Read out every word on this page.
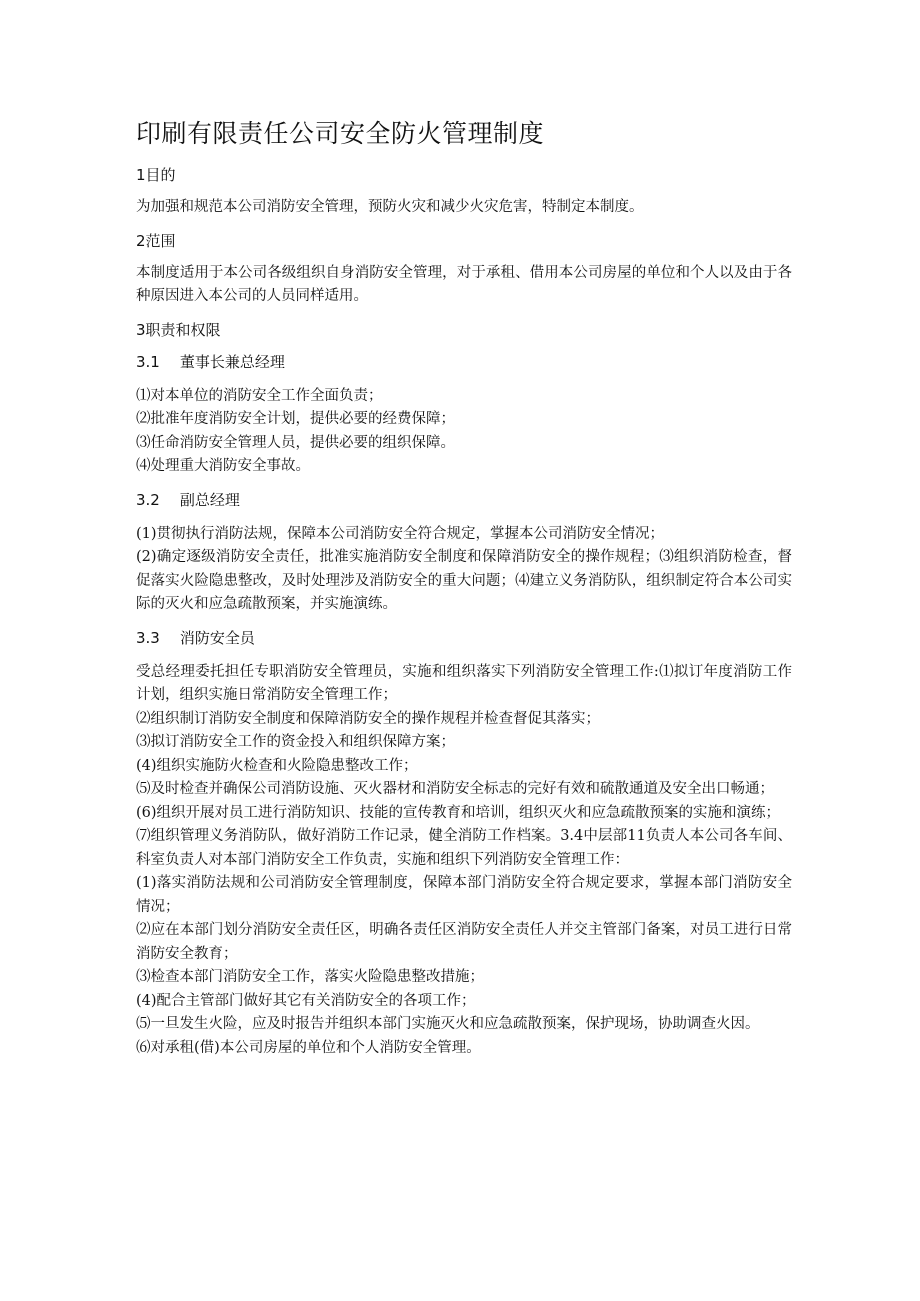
印刷有限责任公司安全防火管理制度

1目的

为加强和规范本公司消防安全管理，预防火灾和减少火灾危害，特制定本制度。

2范围

本制度适用于本公司各级组织自身消防安全管理，对于承租、借用本公司房屋的单位和个人以及由于各种原因进入本公司的人员同样适用。

3职责和权限

3.1 董事长兼总经理

⑴对本单位的消防安全工作全面负责；

⑵批准年度消防安全计划，提供必要的经费保障；

⑶任命消防安全管理人员，提供必要的组织保障。

⑷处理重大消防安全事故。

3.2 副总经理

(1)贯彻执行消防法规，保障本公司消防安全符合规定，掌握本公司消防安全情况；

(2)确定逐级消防安全责任，批准实施消防安全制度和保障消防安全的操作规程；⑶组织消防检查，督促落实火险隐患整改，及时处理涉及消防安全的重大问题；⑷建立义务消防队，组织制定符合本公司实际的灭火和应急疏散预案，并实施演练。

3.3 消防安全员

受总经理委托担任专职消防安全管理员，实施和组织落实下列消防安全管理工作:⑴拟订年度消防工作计划，组织实施日常消防安全管理工作；

⑵组织制订消防安全制度和保障消防安全的操作规程并检查督促其落实；

⑶拟订消防安全工作的资金投入和组织保障方案；

(4)组织实施防火检查和火险隐患整改工作；

⑸及时检查并确保公司消防设施、灭火器材和消防安全标志的完好有效和硫散通道及安全出口畅通；

(6)组织开展对员工进行消防知识、技能的宣传教育和培训，组织灭火和应急疏散预案的实施和演练；

⑺组织管理义务消防队，做好消防工作记录，健全消防工作档案。3.4中层部11负责人本公司各车间、科室负责人对本部门消防安全工作负责，实施和组织下列消防安全管理工作：

(1)落实消防法规和公司消防安全管理制度，保障本部门消防安全符合规定要求，掌握本部门消防安全情况；

⑵应在本部门划分消防安全责任区，明确各责任区消防安全责任人并交主管部门备案，对员工进行日常消防安全教育；

⑶检查本部门消防安全工作，落实火险隐患整改措施；

(4)配合主管部门做好其它有关消防安全的各项工作；

⑸一旦发生火险，应及时报告并组织本部门实施灭火和应急疏散预案，保护现场，协助调查火因。

⑹对承租(借)本公司房屋的单位和个人消防安全管理。
